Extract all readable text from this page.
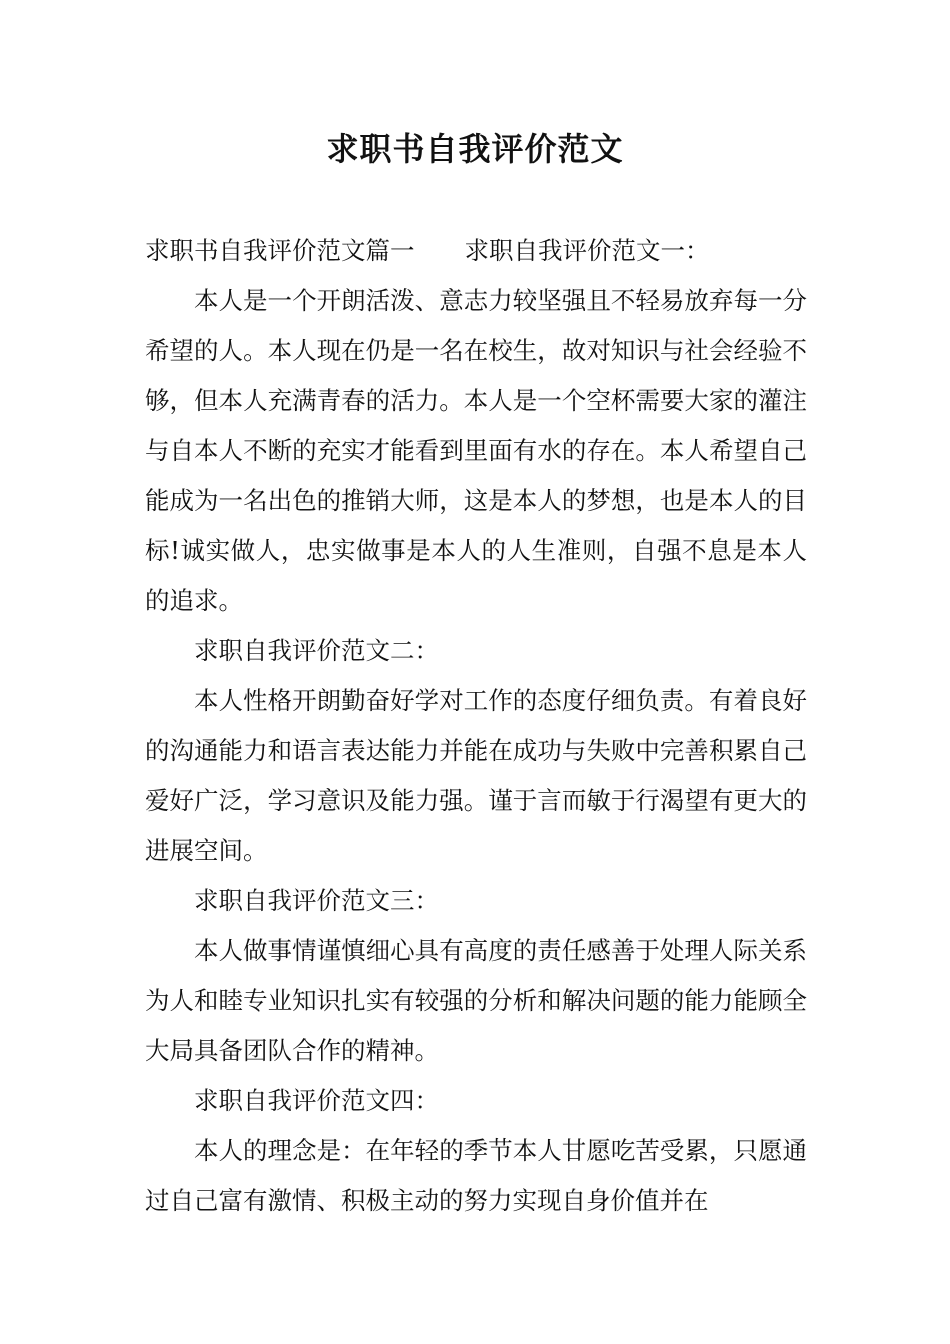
求职书自我评价范文

求职书自我评价范文篇一 求职自我评价范文一：

本人是一个开朗活泼、意志力较坚强且不轻易放弃每一分希望的人。本人现在仍是一名在校生，故对知识与社会经验不够，但本人充满青春的活力。本人是一个空杯需要大家的灌注与自本人不断的充实才能看到里面有水的存在。本人希望自己能成为一名出色的推销大师，这是本人的梦想，也是本人的目标!诚实做人，忠实做事是本人的人生准则，自强不息是本人的追求。

求职自我评价范文二：

本人性格开朗勤奋好学对工作的态度仔细负责。有着良好的沟通能力和语言表达能力并能在成功与失败中完善积累自己爱好广泛，学习意识及能力强。谨于言而敏于行渴望有更大的进展空间。

求职自我评价范文三：

本人做事情谨慎细心具有高度的责任感善于处理人际关系为人和睦专业知识扎实有较强的分析和解决问题的能力能顾全大局具备团队合作的精神。

求职自我评价范文四：

本人的理念是：在年轻的季节本人甘愿吃苦受累，只愿通过自己富有激情、积极主动的努力实现自身价值并在
